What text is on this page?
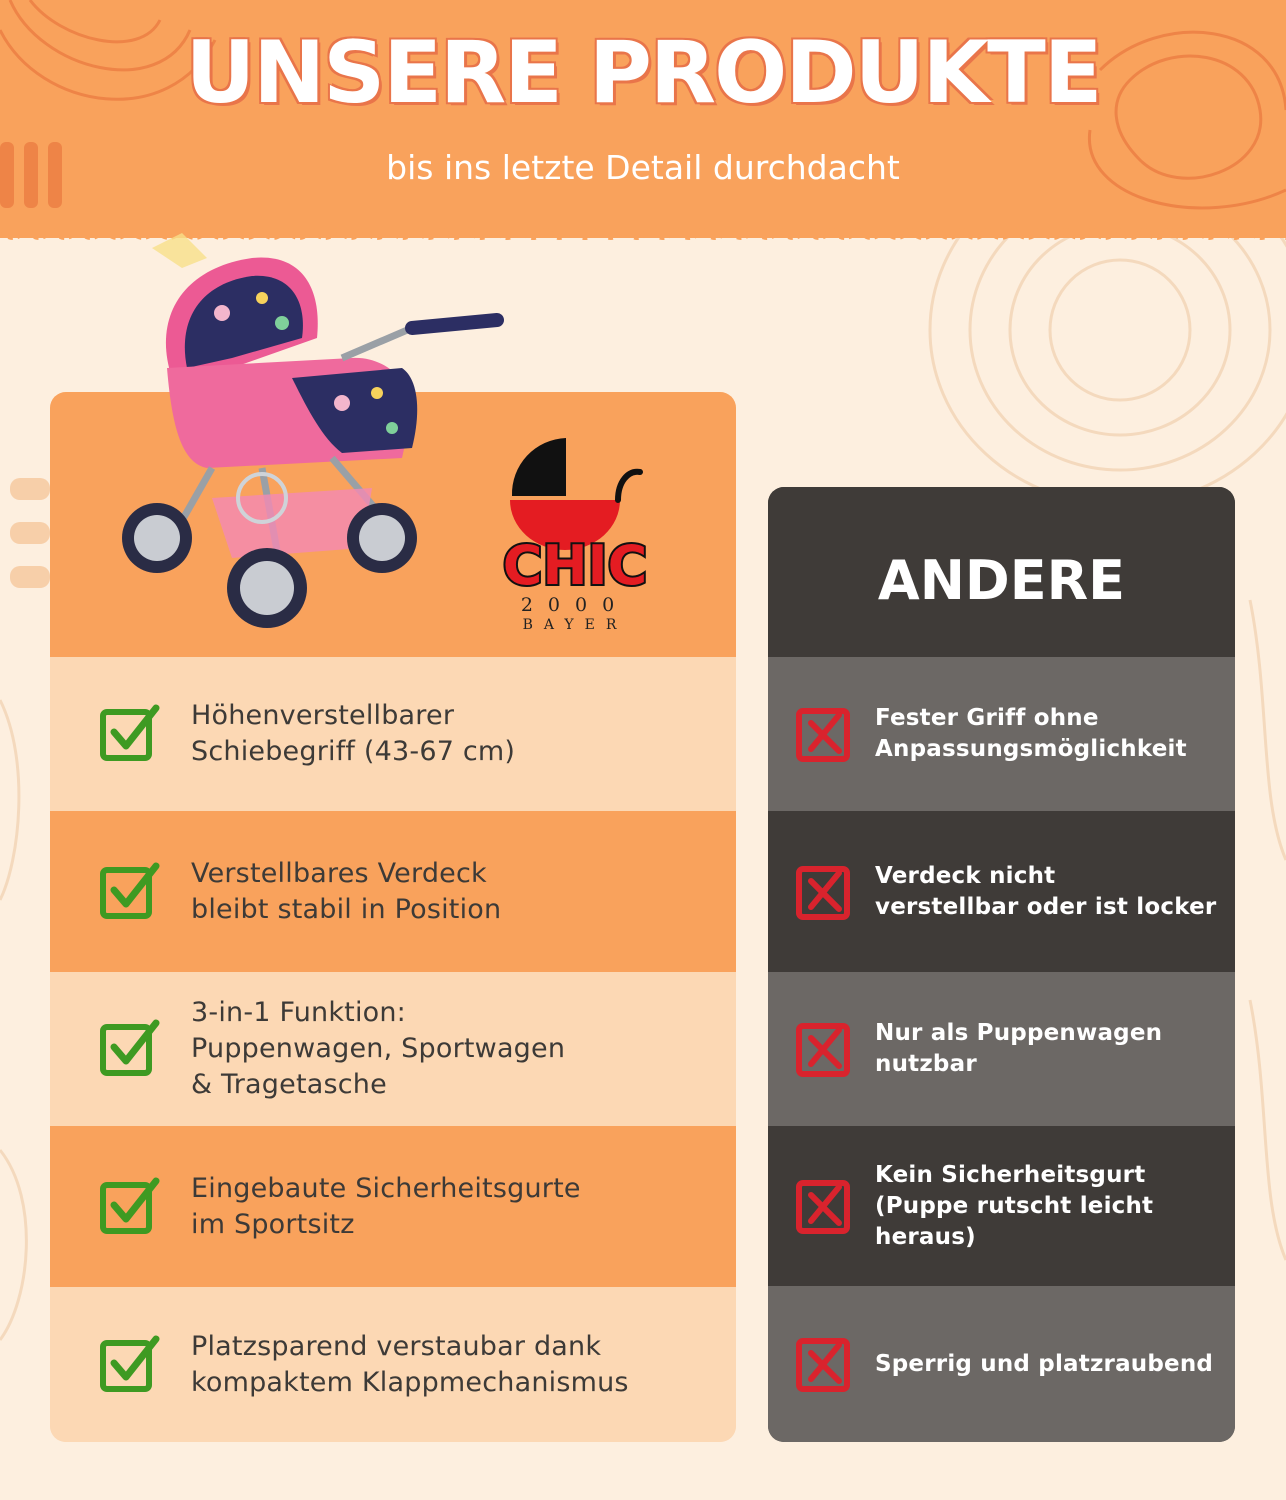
UNSERE PRODUKTE
bis ins letzte Detail durchdacht
CHIC
2000
BAYER
Höhenverstellbarer
Schiebegriff (43-67 cm)
Verstellbares Verdeck
bleibt stabil in Position
3-in-1 Funktion:
Puppenwagen, Sportwagen
& Tragetasche
Eingebaute Sicherheitsgurte
im Sportsitz
Platzsparend verstaubar dank
kompaktem Klappmechanismus
ANDERE
Fester Griff ohne
Anpassungsmöglichkeit
Verdeck nicht
verstellbar oder ist locker
Nur als Puppenwagen
nutzbar
Kein Sicherheitsgurt
(Puppe rutscht leicht
heraus)
Sperrig und platzraubend
